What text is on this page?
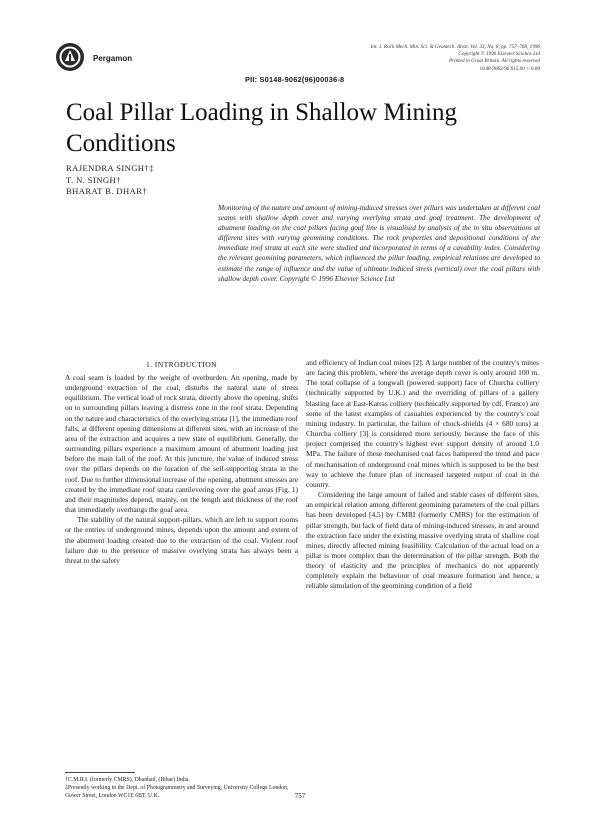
Pergamon
Int. J. Rock Mech. Min. Sci. & Geomech. Abstr. Vol. 33, No. 8, pp. 757–768, 1996
Copyright © 1996 Elsevier Science Ltd
Printed in Great Britain. All rights reserved
0148-9062/96 $15.00 + 0.00
PII: S0148-9062(96)00036-8
Coal Pillar Loading in Shallow Mining Conditions
RAJENDRA SINGH†‡
T. N. SINGH†
BHARAT B. DHAR†

Monitoring of the nature and amount of mining-induced stresses over pillars was undertaken at different coal seams with shallow depth cover and varying overlying strata and goaf treatment. The development of abutment loading on the coal pillars facing goaf line is visualised by analysis of the in situ observations at different sites with varying geomining conditions. The rock properties and depositional conditions of the immediate roof strata at each site were studied and incorporated in terms of a cavability index. Considering the relevant geomining parameters, which influenced the pillar loading, empirical relations are developed to estimate the range of influence and the value of ultimate induced stress (vertical) over the coal pillars with shallow depth cover. Copyright © 1996 Elsevier Science Ltd

1. INTRODUCTION

A coal seam is loaded by the weight of overburden. An opening, made by underground extraction of the coal, disturbs the natural state of stress equilibrium. The vertical load of rock strata, directly above the opening, shifts on to surrounding pillars leaving a distress zone in the roof strata. Depending on the nature and characteristics of the overlying strata [1], the immediate roof falls, at different opening dimensions at different sites, with an increase of the area of the extraction and acquires a new state of equilibrium. Generally, the surrounding pillars experience a maximum amount of abutment loading just before the main fall of the roof. At this juncture, the value of induced stress over the pillars depends on the location of the self-supporting strata in the roof. Due to further dimensional increase of the opening, abutment stresses are created by the immediate roof strata cantilevering over the goaf areas (Fig. 1) and their magnitudes depend, mainly, on the length and thickness of the roof that immediately overhangs the goaf area.

The stability of the natural support-pillars, which are left to support rooms or the entries of underground mines, depends upon the amount and extent of the abutment loading created due to the extraction of the coal. Violent roof failure due to the presence of massive overlying strata has always been a threat to the safety

and efficiency of Indian coal mines [2]. A large number of the country's mines are facing this problem, where the average depth cover is only around 100 m. The total collapse of a longwall (powered support) face of Churcha colliery (technically supported by U.K.) and the overriding of pillars of a gallery blasting face at East-Katras colliery (technically supported by cdf, France) are some of the latest examples of casualties experienced by the country's coal mining industry. In particular, the failure of chock-shields (4 × 680 tons) at Churcha colliery [3] is considered more seriously, because the face of this project comprised the country's highest ever support density of around 1.0 MPa. The failure of these mechanised coal faces hampered the trend and pace of mechanisation of underground coal mines which is supposed to be the best way to achieve the future plan of increased targeted output of coal in the country.

Considering the large amount of failed and stable cases of different sites, an empirical relation among different geomining parameters of the coal pillars has been developed [4,5] by CMRI (formerly CMRS) for the estimation of pillar strength, but lack of field data of mining-induced stresses, in and around the extraction face under the existing massive overlying strata of shallow coal mines, directly affected mining feasibility. Calculation of the actual load on a pillar is more complex than the determination of the pillar strength. Both the theory of elasticity and the principles of mechanics do not apparently completely explain the behaviour of coal measure formation and hence, a reliable simulation of the geomining condition of a field

†C.M.R.I. (formerly CMRS), Dhanbad, (Bihar) India.

‡Presently working in the Dept. of Photogrammetry and Surveying, University College London, Gower Street, London WC1E 6BT, U.K.	757
